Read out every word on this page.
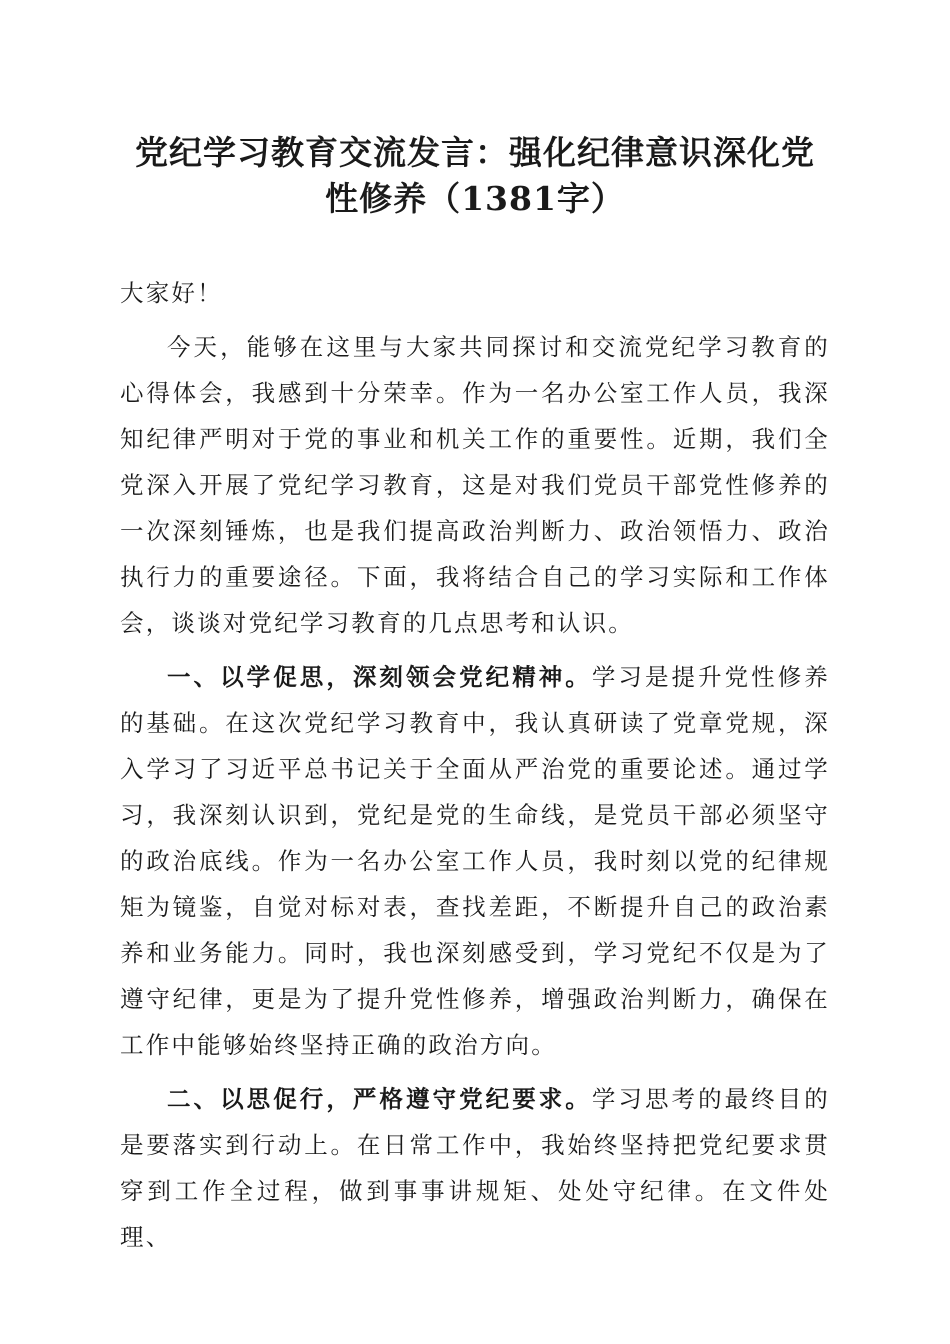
党纪学习教育交流发言：强化纪律意识深化党
性修养（1381字）

大家好！

今天，能够在这里与大家共同探讨和交流党纪学习教育的心得体会，我感到十分荣幸。作为一名办公室工作人员，我深知纪律严明对于党的事业和机关工作的重要性。近期，我们全党深入开展了党纪学习教育，这是对我们党员干部党性修养的一次深刻锤炼，也是我们提高政治判断力、政治领悟力、政治执行力的重要途径。下面，我将结合自己的学习实际和工作体会，谈谈对党纪学习教育的几点思考和认识。

一、以学促思，深刻领会党纪精神。学习是提升党性修养的基础。在这次党纪学习教育中，我认真研读了党章党规，深入学习了习近平总书记关于全面从严治党的重要论述。通过学习，我深刻认识到，党纪是党的生命线，是党员干部必须坚守的政治底线。作为一名办公室工作人员，我时刻以党的纪律规矩为镜鉴，自觉对标对表，查找差距，不断提升自己的政治素养和业务能力。同时，我也深刻感受到，学习党纪不仅是为了遵守纪律，更是为了提升党性修养，增强政治判断力，确保在工作中能够始终坚持正确的政治方向。

二、以思促行，严格遵守党纪要求。学习思考的最终目的是要落实到行动上。在日常工作中，我始终坚持把党纪要求贯穿到工作全过程，做到事事讲规矩、处处守纪律。在文件处理、
